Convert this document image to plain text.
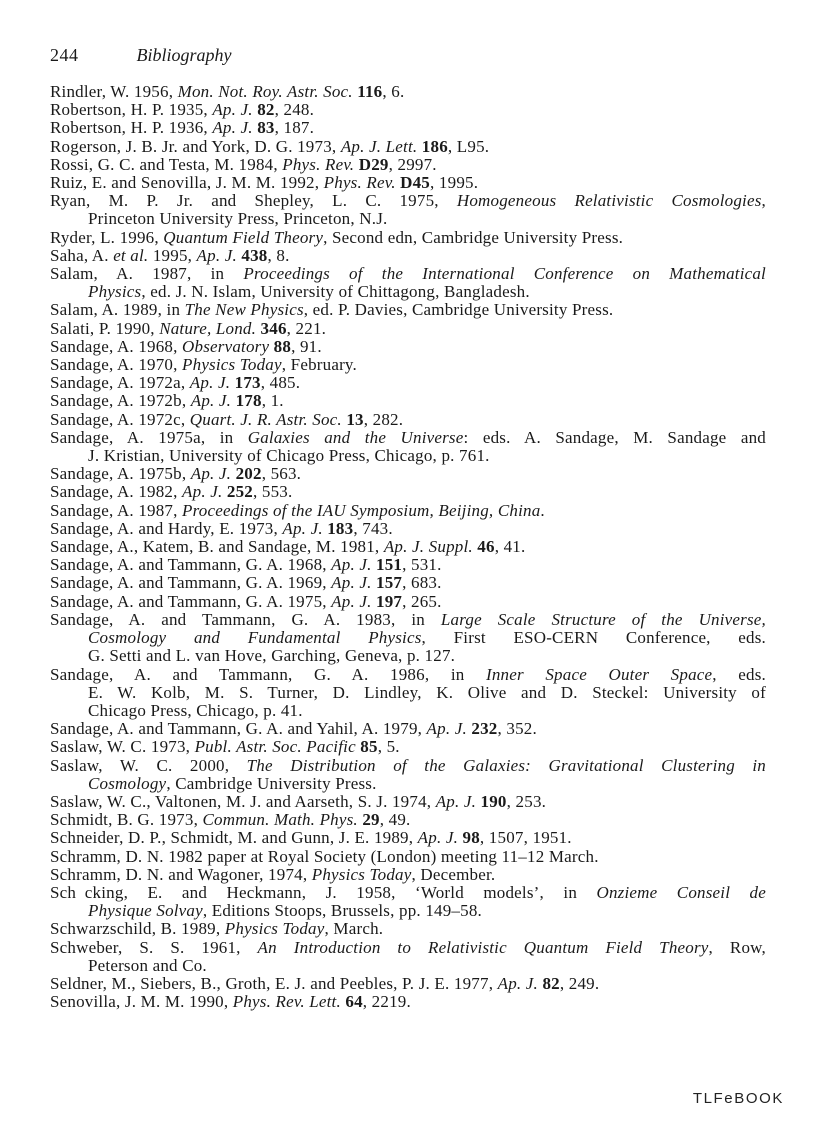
244	Bibliography
Rindler, W. 1956, Mon. Not. Roy. Astr. Soc. 116, 6.
Robertson, H. P. 1935, Ap. J. 82, 248.
Robertson, H. P. 1936, Ap. J. 83, 187.
Rogerson, J. B. Jr. and York, D. G. 1973, Ap. J. Lett. 186, L95.
Rossi, G. C. and Testa, M. 1984, Phys. Rev. D29, 2997.
Ruiz, E. and Senovilla, J. M. M. 1992, Phys. Rev. D45, 1995.
Ryan, M. P. Jr. and Shepley, L. C. 1975, Homogeneous Relativistic Cosmologies,
Princeton University Press, Princeton, N.J.
Ryder, L. 1996, Quantum Field Theory, Second edn, Cambridge University Press.
Saha, A. et al. 1995, Ap. J. 438, 8.
Salam, A. 1987, in Proceedings of the International Conference on Mathematical
Physics, ed. J. N. Islam, University of Chittagong, Bangladesh.
Salam, A. 1989, in The New Physics, ed. P. Davies, Cambridge University Press.
Salati, P. 1990, Nature, Lond. 346, 221.
Sandage, A. 1968, Observatory 88, 91.
Sandage, A. 1970, Physics Today, February.
Sandage, A. 1972a, Ap. J. 173, 485.
Sandage, A. 1972b, Ap. J. 178, 1.
Sandage, A. 1972c, Quart. J. R. Astr. Soc. 13, 282.
Sandage, A. 1975a, in Galaxies and the Universe: eds. A. Sandage, M. Sandage and
J. Kristian, University of Chicago Press, Chicago, p. 761.
Sandage, A. 1975b, Ap. J. 202, 563.
Sandage, A. 1982, Ap. J. 252, 553.
Sandage, A. 1987, Proceedings of the IAU Symposium, Beijing, China.
Sandage, A. and Hardy, E. 1973, Ap. J. 183, 743.
Sandage, A., Katem, B. and Sandage, M. 1981, Ap. J. Suppl. 46, 41.
Sandage, A. and Tammann, G. A. 1968, Ap. J. 151, 531.
Sandage, A. and Tammann, G. A. 1969, Ap. J. 157, 683.
Sandage, A. and Tammann, G. A. 1975, Ap. J. 197, 265.
Sandage, A. and Tammann, G. A. 1983, in Large Scale Structure of the Universe,
Cosmology and Fundamental Physics, First ESO-CERN Conference, eds.
G. Setti and L. van Hove, Garching, Geneva, p. 127.
Sandage, A. and Tammann, G. A. 1986, in Inner Space Outer Space, eds.
E. W. Kolb, M. S. Turner, D. Lindley, K. Olive and D. Steckel: University of
Chicago Press, Chicago, p. 41.
Sandage, A. and Tammann, G. A. and Yahil, A. 1979, Ap. J. 232, 352.
Saslaw, W. C. 1973, Publ. Astr. Soc. Pacific 85, 5.
Saslaw, W. C. 2000, The Distribution of the Galaxies: Gravitational Clustering in
Cosmology, Cambridge University Press.
Saslaw, W. C., Valtonen, M. J. and Aarseth, S. J. 1974, Ap. J. 190, 253.
Schmidt, B. G. 1973, Commun. Math. Phys. 29, 49.
Schneider, D. P., Schmidt, M. and Gunn, J. E. 1989, Ap. J. 98, 1507, 1951.
Schramm, D. N. 1982 paper at Royal Society (London) meeting 11–12 March.
Schramm, D. N. and Wagoner, 1974, Physics Today, December.
Sch cking, E. and Heckmann, J. 1958, ‘World models’, in Onzieme Conseil de
Physique Solvay, Editions Stoops, Brussels, pp. 149–58.
Schwarzschild, B. 1989, Physics Today, March.
Schweber, S. S. 1961, An Introduction to Relativistic Quantum Field Theory, Row,
Peterson and Co.
Seldner, M., Siebers, B., Groth, E. J. and Peebles, P. J. E. 1977, Ap. J. 82, 249.
Senovilla, J. M. M. 1990, Phys. Rev. Lett. 64, 2219.
TLFeBOOK
